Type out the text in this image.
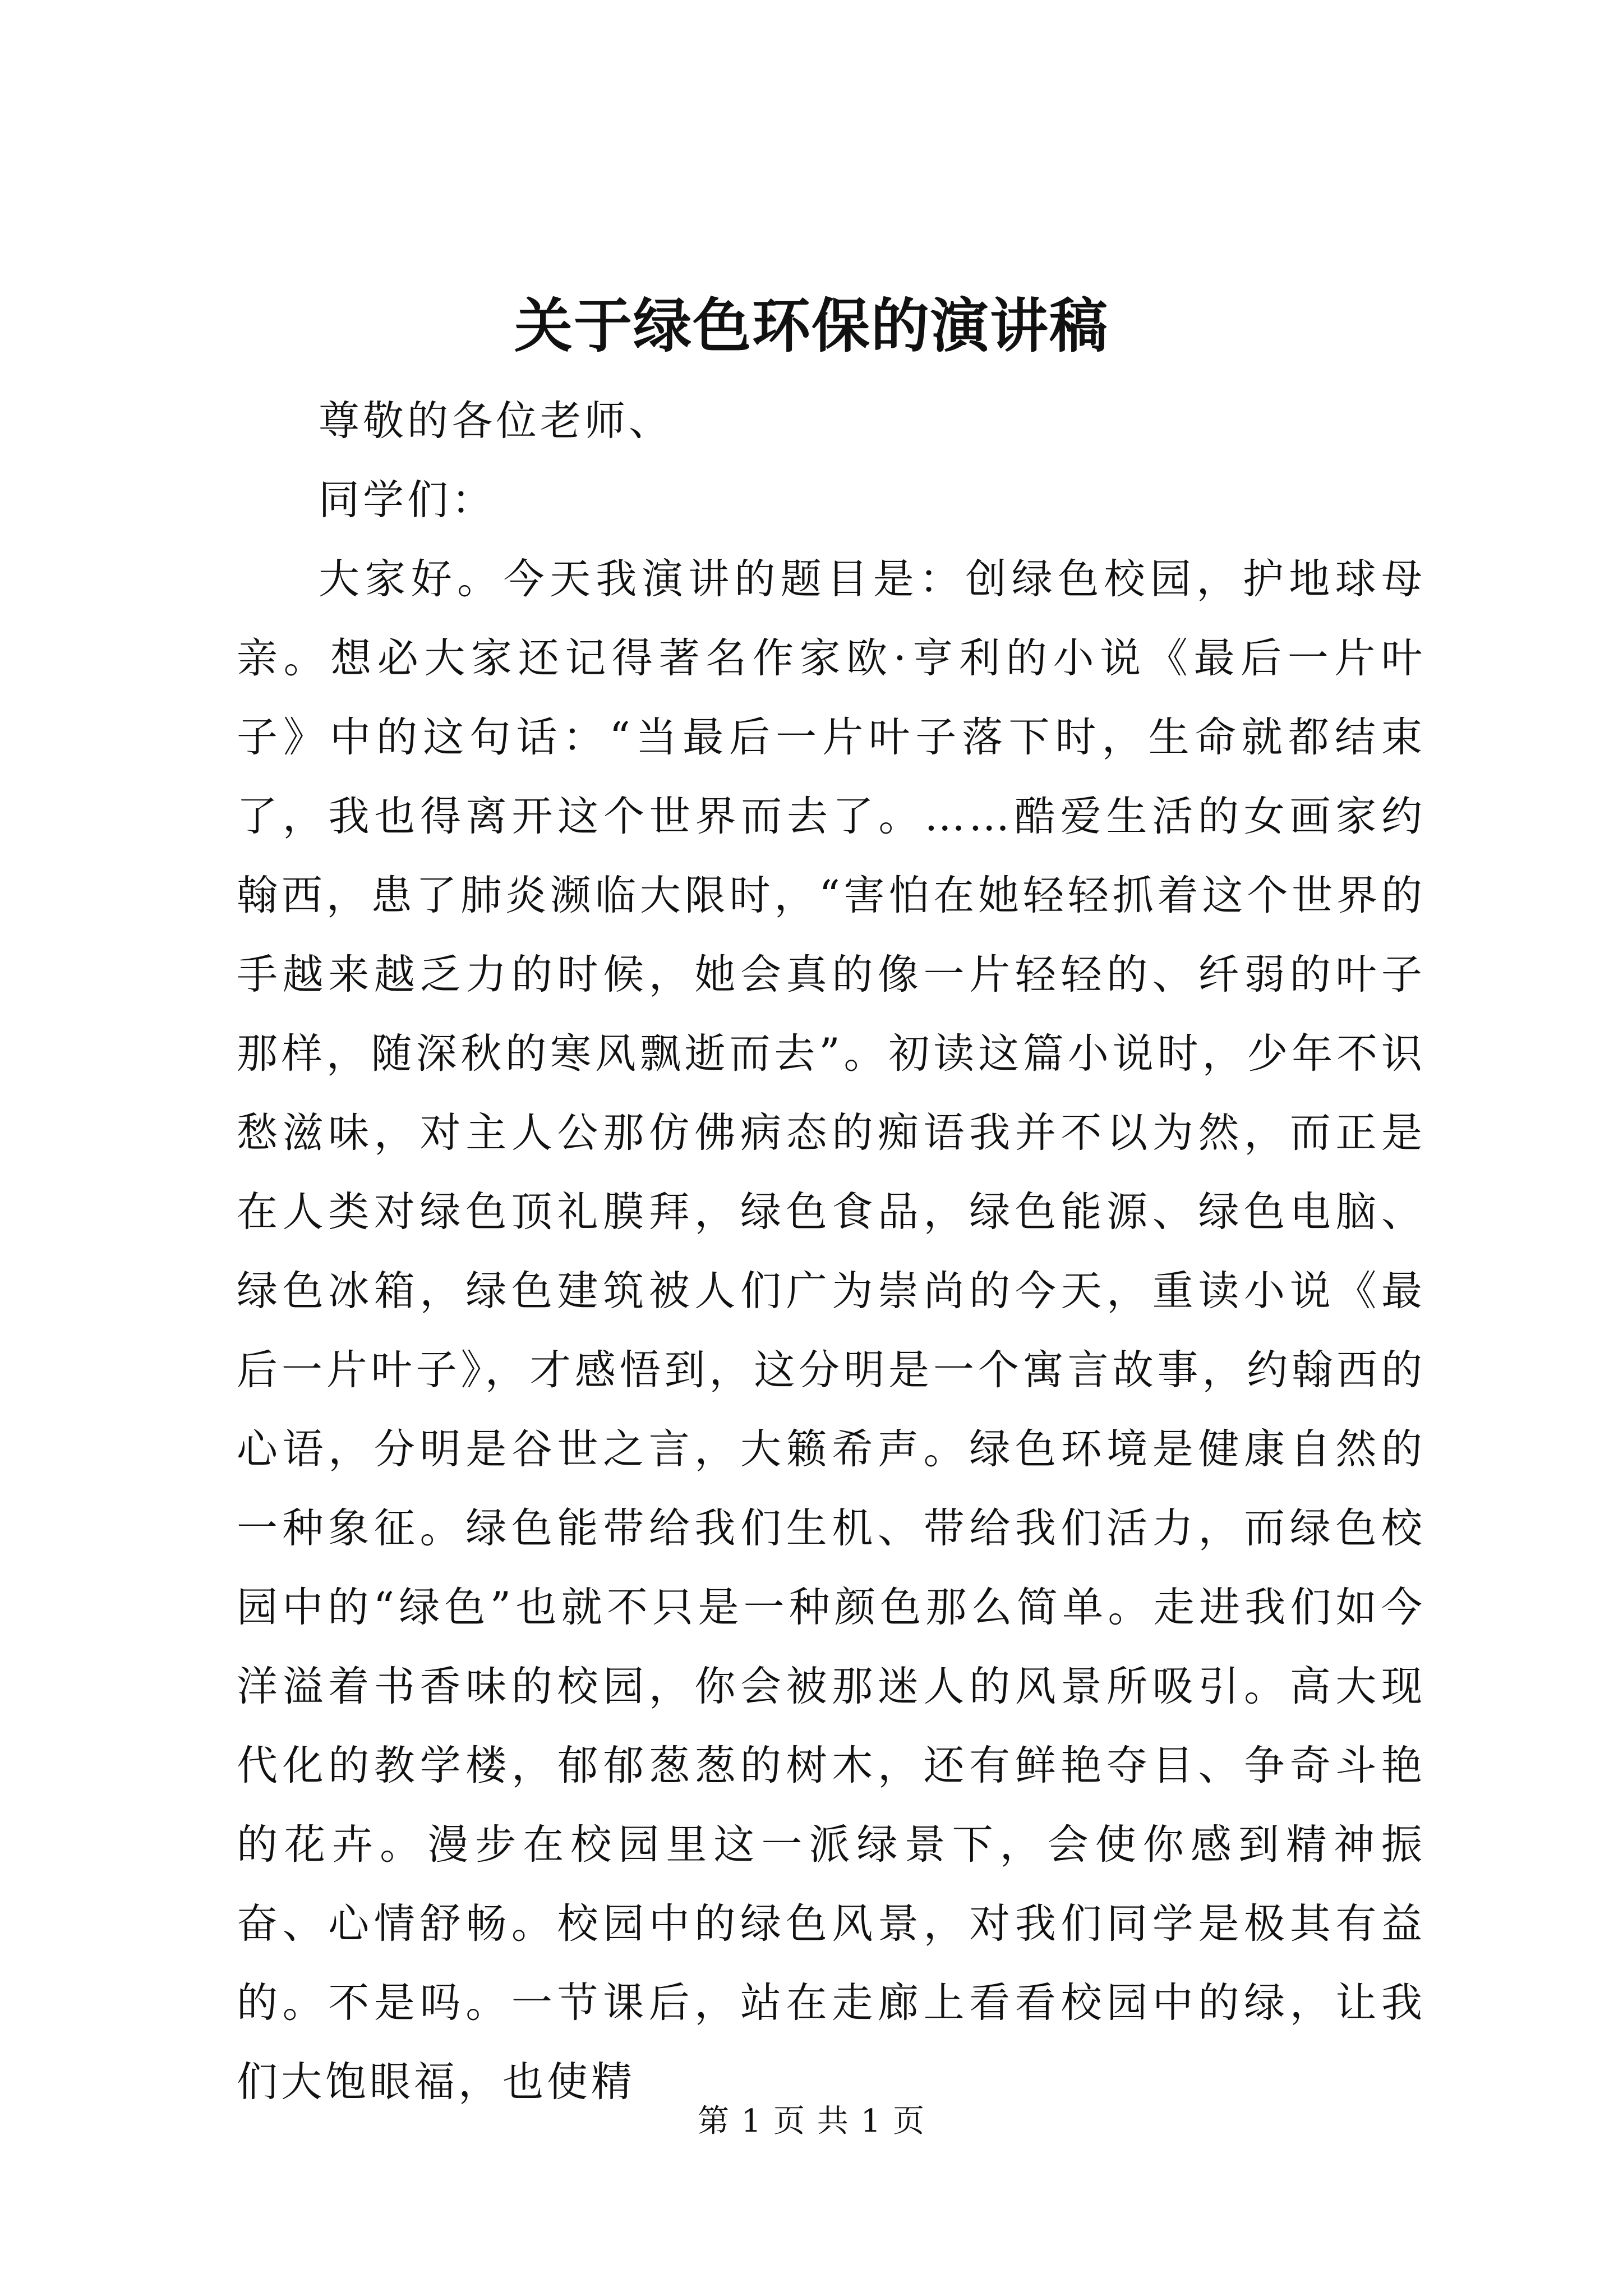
关于绿色环保的演讲稿

尊敬的各位老师、

同学们：

大家好。今天我演讲的题目是：创绿色校园，护地球母亲。想必大家还记得著名作家欧·亨利的小说《最后一片叶子》中的这句话：“当最后一片叶子落下时，生命就都结束了，我也得离开这个世界而去了。……酷爱生活的女画家约翰西，患了肺炎濒临大限时，“害怕在她轻轻抓着这个世界的手越来越乏力的时候，她会真的像一片轻轻的、纤弱的叶子那样，随深秋的寒风飘逝而去”。初读这篇小说时，少年不识愁滋味，对主人公那仿佛病态的痴语我并不以为然，而正是在人类对绿色顶礼膜拜，绿色食品，绿色能源、绿色电脑、绿色冰箱，绿色建筑被人们广为崇尚的今天，重读小说《最后一片叶子》，才感悟到，这分明是一个寓言故事，约翰西的心语，分明是谷世之言，大籁希声。绿色环境是健康自然的一种象征。绿色能带给我们生机、带给我们活力，而绿色校园中的“绿色”也就不只是一种颜色那么简单。走进我们如今洋溢着书香味的校园，你会被那迷人的风景所吸引。高大现代化的教学楼，郁郁葱葱的树木，还有鲜艳夺目、争奇斗艳的花卉。漫步在校园里这一派绿景下，会使你感到精神振奋、心情舒畅。校园中的绿色风景，对我们同学是极其有益的。不是吗。一节课后，站在走廊上看看校园中的绿，让我们大饱眼福，也使精

第 1 页 共 1 页
